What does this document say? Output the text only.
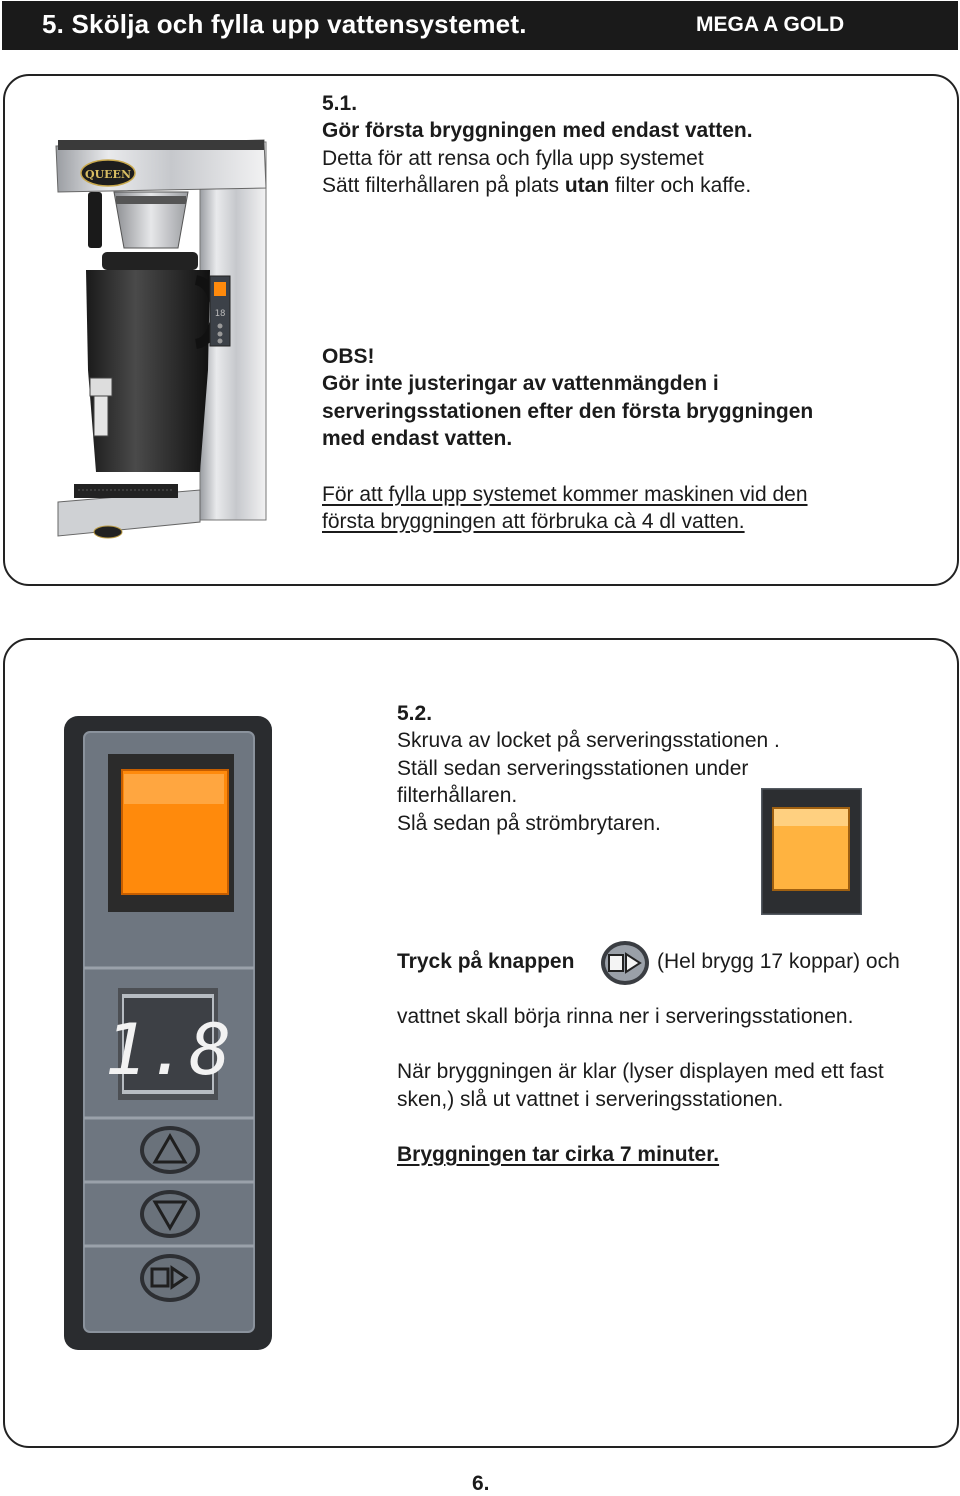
5. Skölja och fylla upp vattensystemet.	MEGA A GOLD
QUEEN
18
5.1.
Gör första bryggningen med endast vatten.
Detta för att rensa och fylla upp systemet
Sätt filterhållaren på plats utan filter och kaffe.
OBS!
Gör inte justeringar av vattenmängden i
serveringsstationen efter den första bryggningen
med endast vatten.
För att fylla upp systemet kommer maskinen vid den
första bryggningen att förbruka cà 4 dl vatten.
1.8
5.2.
Skruva av locket på serveringsstationen .
Ställ sedan serveringsstationen under
filterhållaren.
Slå sedan på strömbrytaren.
Tryck på knappen	(Hel brygg 17 koppar) och
vattnet skall börja rinna ner i serveringsstationen.
När bryggningen är klar (lyser displayen med ett fast
sken,) slå ut vattnet i serveringsstationen.
Bryggningen tar cirka 7 minuter.
6.
